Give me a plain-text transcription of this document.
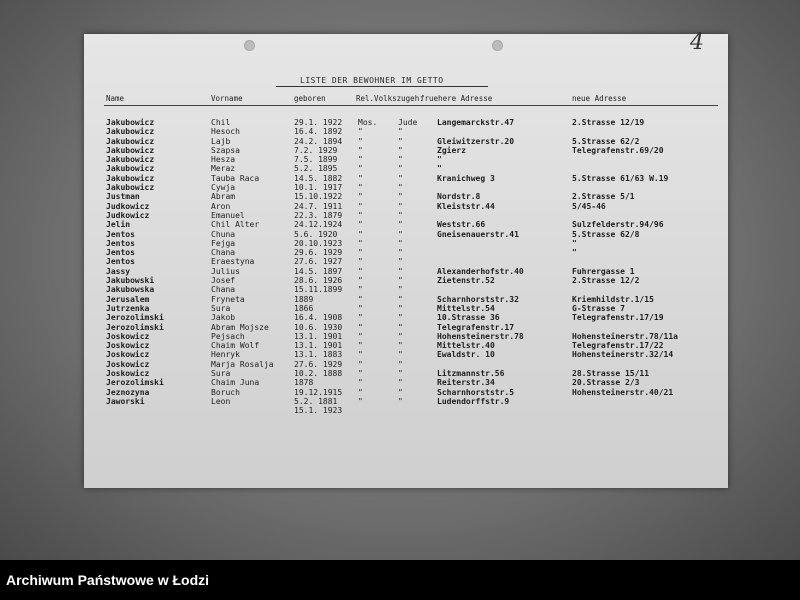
4
LISTE DER BEWOHNER IM GETTO
Name	Vorname	geboren	Rel.Volkszugeh.
fruehere Adresse	neue Adresse
Jakubowicz	Chil	29.1. 1922 Mos.	Jude Langemarckstr.47	2.Strasse 12/19
Jakubowicz	Hesoch	16.4. 1892 "	"
Jakubowicz	Lajb	24.2. 1894 "	"	Gleiwitzerstr.20	5.Strasse 62/2
Jakubowicz	Szapsa	7.2. 1929	"	"	Zgierz	Telegrafenstr.69/20
Jakubowicz	Hesza	7.5. 1899	"	"	"
Jakubowicz	Meraz	5.2. 1895	"	"	"
Jakubowicz	Tauba Raca	14.5. 1882 "	"	Kranichweg 3	5.Strasse 61/63 W.19
Jakubowicz	Cywja	10.1. 1917 "	"
Justman	Abram	15.10.1922 "	"	Nordstr.8	2.Strasse 5/1
Judkowicz	Aron	24.7. 1911 "	"	Kleiststr.44	5/45-46
Judkowicz	Emanuel	22.3. 1879 "	"
Jelin	Chil Alter	24.12.1924 "	"	Weststr.66	Sulzfelderstr.94/96
Jentos	Chuna	5.6. 1920	"	"	Gneisenauerstr.41	5.Strasse 62/8
Jentos	Fejga	20.10.1923 "	"	"
Jentos	Chana	29.6. 1929 "	"	"
Jentos	Eraestyna	27.6. 1927 "	"
Jassy	Julius	14.5. 1897 "	"	Alexanderhofstr.40	Fuhrergasse 1
Jakubowski	Josef	28.6. 1926 "	"	Zietenstr.52	2.Strasse 12/2
Jakubowska	Chana	15.11.1899 "	"
Jerusalem	Fryneta	1889	"	"	Scharnhorststr.32	Kriemhildstr.1/15
Jutrzenka	Sura	1866	"	"	Mittelstr.54	G-Strasse 7
Jerozolimski	Jakob	16.4. 1908 "	"	10.Strasse 36	Telegrafenstr.17/19
Jerozolimski	Abram Mojsze	10.6. 1930 "	"	Telegrafenstr.17
Joskowicz	Pejsach	13.1. 1901 "	"	Hohensteinerstr.78	Hohensteinerstr.78/11a
Joskowicz	Chaim Wolf	13.1. 1901 "	"	Mittelstr.40	Telegrafenstr.17/22
Joskowicz	Henryk	13.1. 1883 "	"	Ewaldstr. 10	Hohensteinerstr.32/14
Joskowicz	Marja Rosalja	27.6. 1929 "	"
Joskowicz	Sura	10.2. 1888 "	"	Litzmannstr.56	28.Strasse 15/11
Jerozolimski	Chaim Juna	1878	"	"	Reiterstr.34	20.Strasse 2/3
Jeznozyna	Boruch	19.12.1915 "	"	Scharnhorststr.5	Hohensteinerstr.40/21
Jaworski	Leon	5.2. 1881	"	"	Ludendorffstr.9
15.1. 1923
Archiwum Państwowe w Łodzi
